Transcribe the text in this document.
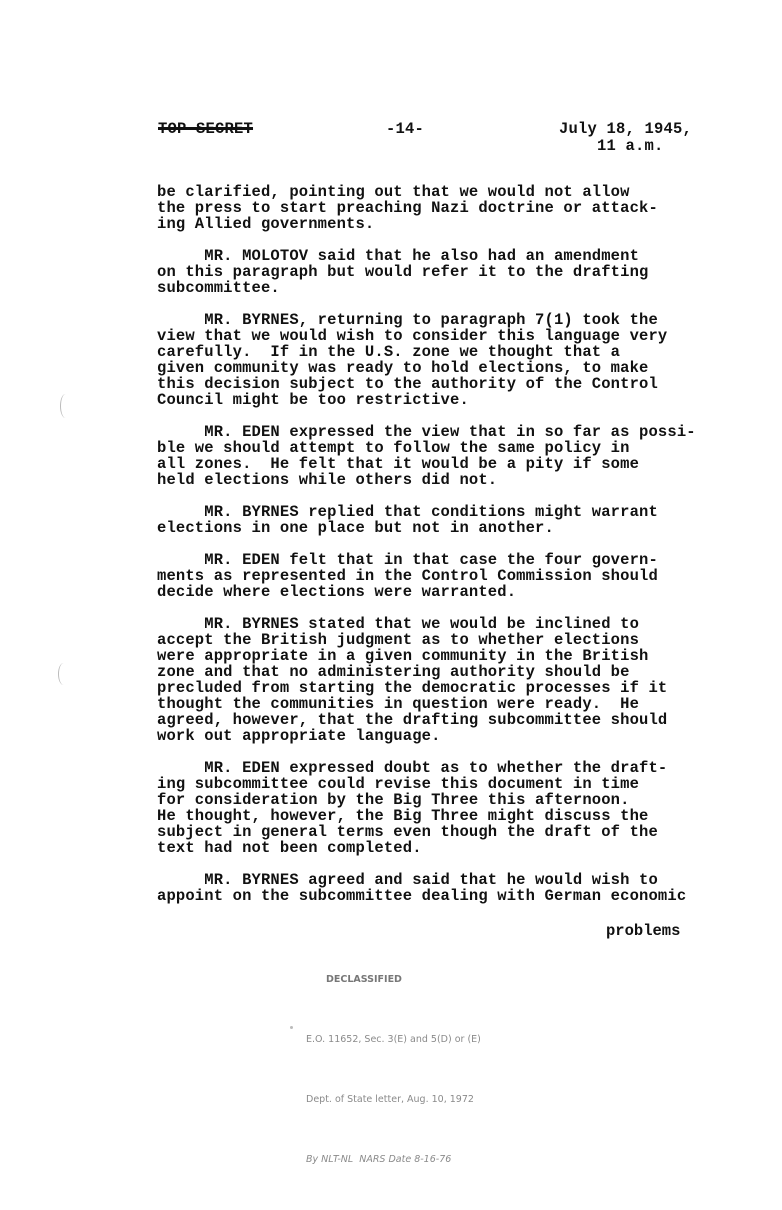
TOP SECRET	-14-	July 18, 1945,
11 a.m.
be clarified, pointing out that we would not allow
the press to start preaching Nazi doctrine or attack-
ing Allied governments.
MR. MOLOTOV said that he also had an amendment
on this paragraph but would refer it to the drafting
subcommittee.
MR. BYRNES, returning to paragraph 7(1) took the
view that we would wish to consider this language very
carefully.  If in the U.S. zone we thought that a
given community was ready to hold elections, to make
this decision subject to the authority of the Control
Council might be too restrictive.
MR. EDEN expressed the view that in so far as possi-
ble we should attempt to follow the same policy in
all zones.  He felt that it would be a pity if some
held elections while others did not.
MR. BYRNES replied that conditions might warrant
elections in one place but not in another.
MR. EDEN felt that in that case the four govern-
ments as represented in the Control Commission should
decide where elections were warranted.
MR. BYRNES stated that we would be inclined to
accept the British judgment as to whether elections
were appropriate in a given community in the British
zone and that no administering authority should be
precluded from starting the democratic processes if it
thought the communities in question were ready.  He
agreed, however, that the drafting subcommittee should
work out appropriate language.
MR. EDEN expressed doubt as to whether the draft-
ing subcommittee could revise this document in time
for consideration by the Big Three this afternoon.
He thought, however, the Big Three might discuss the
subject in general terms even though the draft of the
text had not been completed.
MR. BYRNES agreed and said that he would wish to
appoint on the subcommittee dealing with German economic
problems

DECLASSIFIED

E.O. 11652, Sec. 3(E) and 5(D) or (E)

Dept. of State letter, Aug. 10, 1972

By NLT-NL  NARS Date 8-16-76
